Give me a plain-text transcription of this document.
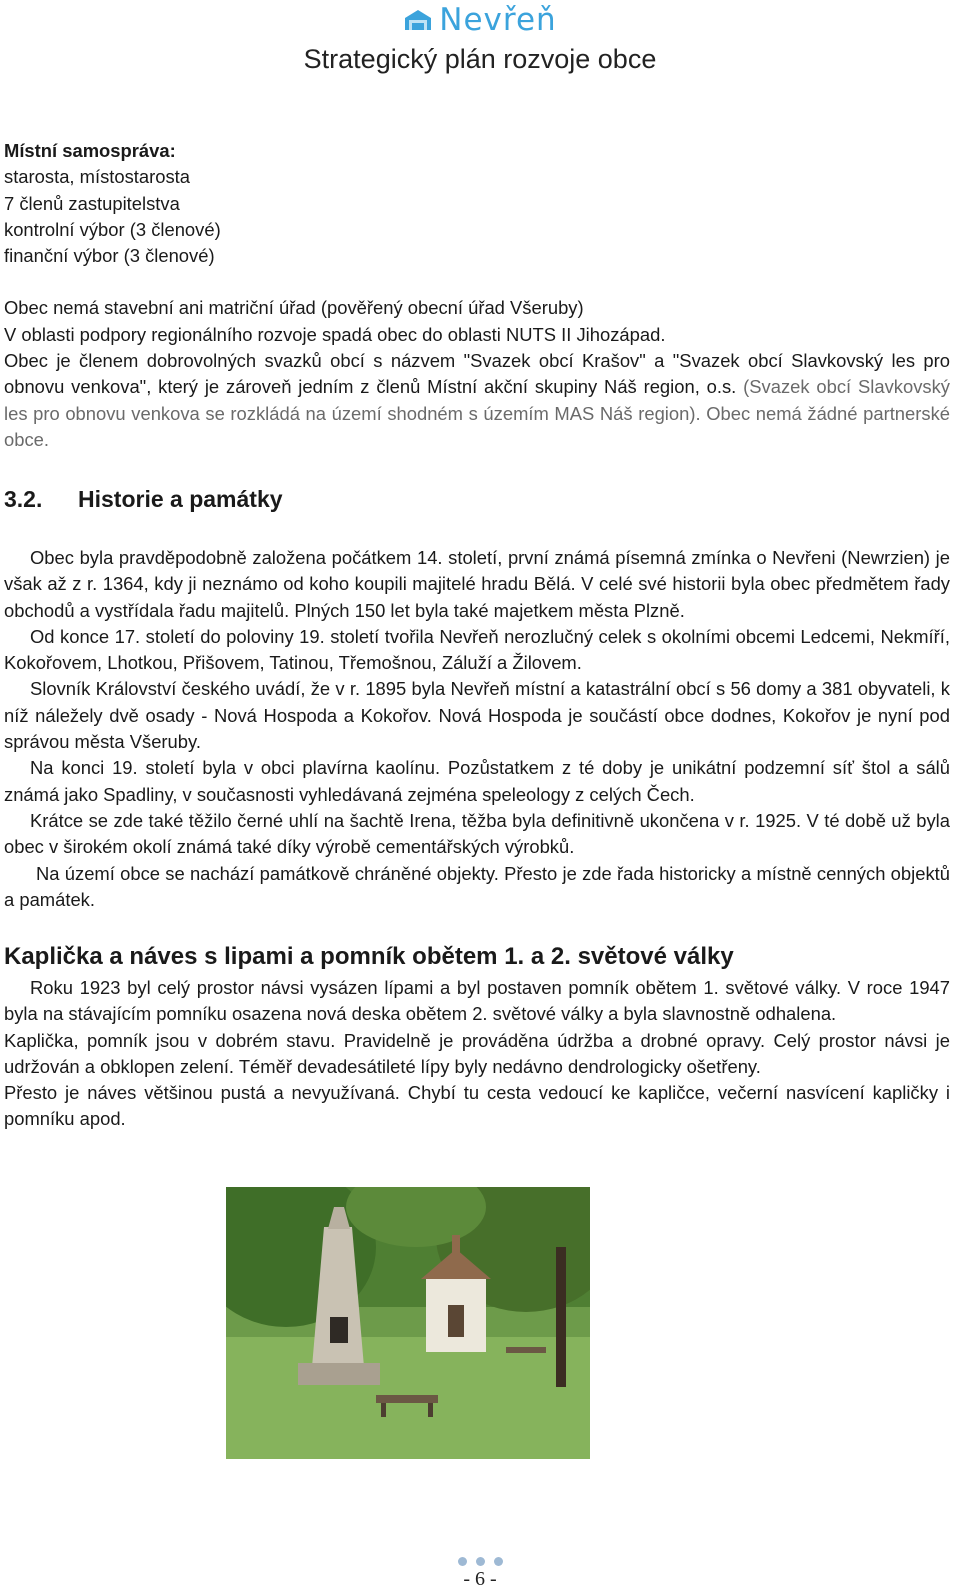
Nevřeň
Strategický plán rozvoje obce

Místní samospráva:

starosta, místostarosta

7 členů zastupitelstva

kontrolní výbor (3 členové)

finanční výbor (3 členové)

Obec nemá stavební ani matriční úřad (pověřený obecní úřad Všeruby)

V oblasti podpory regionálního rozvoje spadá obec do oblasti NUTS II Jihozápad.

Obec je členem dobrovolných svazků obcí s názvem "Svazek obcí Krašov" a "Svazek obcí Slavkovský les pro obnovu venkova", který je zároveň jedním z členů Místní akční skupiny Náš region, o.s. (Svazek obcí Slavkovský les pro obnovu venkova se rozkládá na území shodném s územím MAS Náš region). Obec nemá žádné partnerské obce.

3.2. Historie a památky

Obec byla pravděpodobně založena počátkem 14. století, první známá písemná zmínka o Nevřeni (Newrzien) je však až z r. 1364, kdy ji neznámo od koho koupili majitelé hradu Bělá. V celé své historii byla obec předmětem řady obchodů a vystřídala řadu majitelů. Plných 150 let byla také majetkem města Plzně.

Od konce 17. století do poloviny 19. století tvořila Nevřeň nerozlučný celek s okolními obcemi Ledcemi, Nekmíří, Kokořovem, Lhotkou, Přišovem, Tatinou, Třemošnou, Záluží a Žilovem.

Slovník Království českého uvádí, že v r. 1895 byla Nevřeň místní a katastrální obcí s 56 domy a 381 obyvateli, k níž náležely dvě osady - Nová Hospoda a Kokořov. Nová Hospoda je součástí obce dodnes, Kokořov je nyní pod správou města Všeruby.

Na konci 19. století byla v obci plavírna kaolínu. Pozůstatkem z té doby je unikátní podzemní síť štol a sálů známá jako Spadliny, v současnosti vyhledávaná zejména speleology z celých Čech.

Krátce se zde také těžilo černé uhlí na šachtě Irena, těžba byla definitivně ukončena v r. 1925. V té době už byla obec v širokém okolí známá také díky výrobě cementářských výrobků.

Na území obce se nachází památkově chráněné objekty. Přesto je zde řada historicky a místně cenných objektů a památek.

Kaplička a náves s lipami a pomník obětem 1. a 2. světové války

Roku 1923 byl celý prostor návsi vysázen lípami a byl postaven pomník obětem 1. světové války. V roce 1947 byla na stávajícím pomníku osazena nová deska obětem 2. světové války a byla slavnostně odhalena.

Kaplička, pomník jsou v dobrém stavu. Pravidelně je prováděna údržba a drobné opravy. Celý prostor návsi je udržován a obklopen zelení. Téměř devadesátileté lípy byly nedávno dendrologicky ošetřeny.

Přesto je náves většinou pustá a nevyužívaná. Chybí tu cesta vedoucí ke kapličce, večerní nasvícení kapličky i pomníku apod.

- 6 -
